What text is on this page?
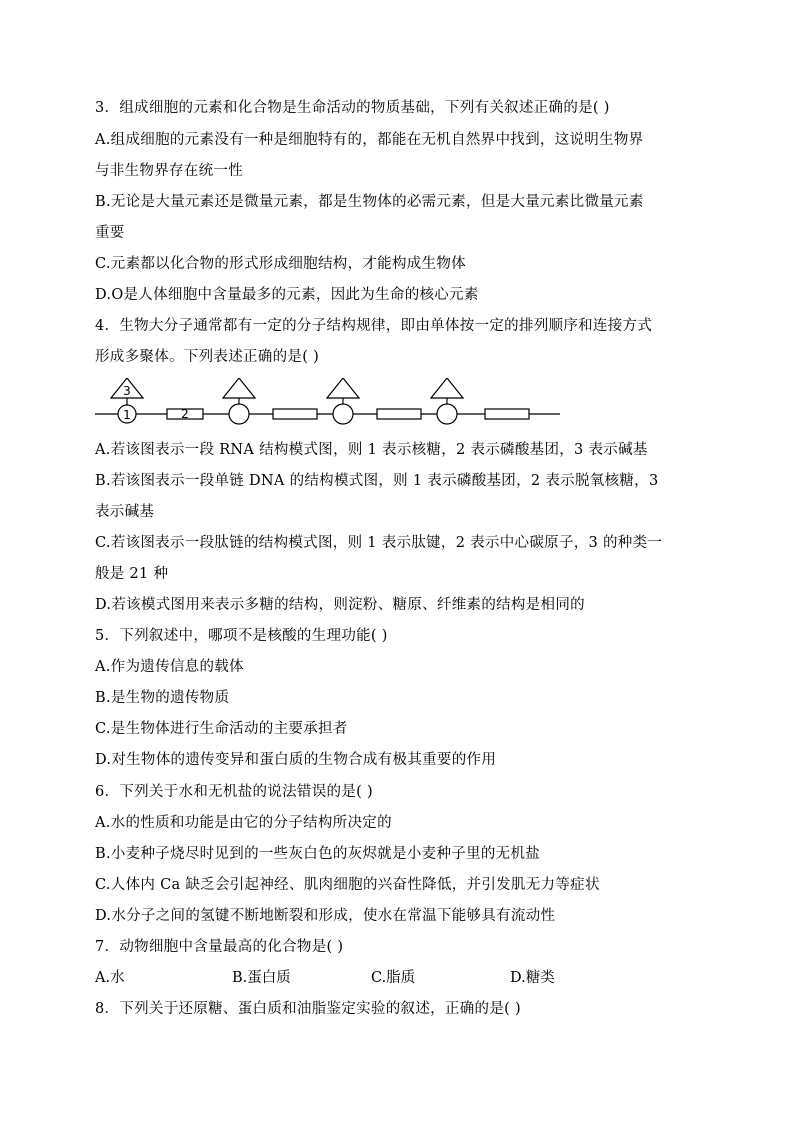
3．组成细胞的元素和化合物是生命活动的物质基础，下列有关叙述正确的是( )
A.组成细胞的元素没有一种是细胞特有的，都能在无机自然界中找到，这说明生物界
与非生物界存在统一性
B.无论是大量元素还是微量元素，都是生物体的必需元素，但是大量元素比微量元素
重要
C.元素都以化合物的形式形成细胞结构，才能构成生物体
D.O是人体细胞中含量最多的元素，因此为生命的核心元素
4．生物大分子通常都有一定的分子结构规律，即由单体按一定的排列顺序和连接方式
形成多聚体。下列表述正确的是( )
3
1	2
A.若该图表示一段 RNA 结构模式图，则 1 表示核糖，2 表示磷酸基团，3 表示碱基
B.若该图表示一段单链 DNA 的结构模式图，则 1 表示磷酸基团，2 表示脱氧核糖，3
表示碱基
C.若该图表示一段肽链的结构模式图，则 1 表示肽键，2 表示中心碳原子，3 的种类一
般是 21 种
D.若该模式图用来表示多糖的结构，则淀粉、糖原、纤维素的结构是相同的
5．下列叙述中，哪项不是核酸的生理功能( )
A.作为遗传信息的载体
B.是生物的遗传物质
C.是生物体进行生命活动的主要承担者
D.对生物体的遗传变异和蛋白质的生物合成有极其重要的作用
6．下列关于水和无机盐的说法错误的是( )
A.水的性质和功能是由它的分子结构所决定的
B.小麦种子烧尽时见到的一些灰白色的灰烬就是小麦种子里的无机盐
C.人体内 Ca 缺乏会引起神经、肌肉细胞的兴奋性降低，并引发肌无力等症状
D.水分子之间的氢键不断地断裂和形成，使水在常温下能够具有流动性
7．动物细胞中含量最高的化合物是( )
A.水	B.蛋白质	C.脂质	D.糖类
8．下列关于还原糖、蛋白质和油脂鉴定实验的叙述，正确的是( )
